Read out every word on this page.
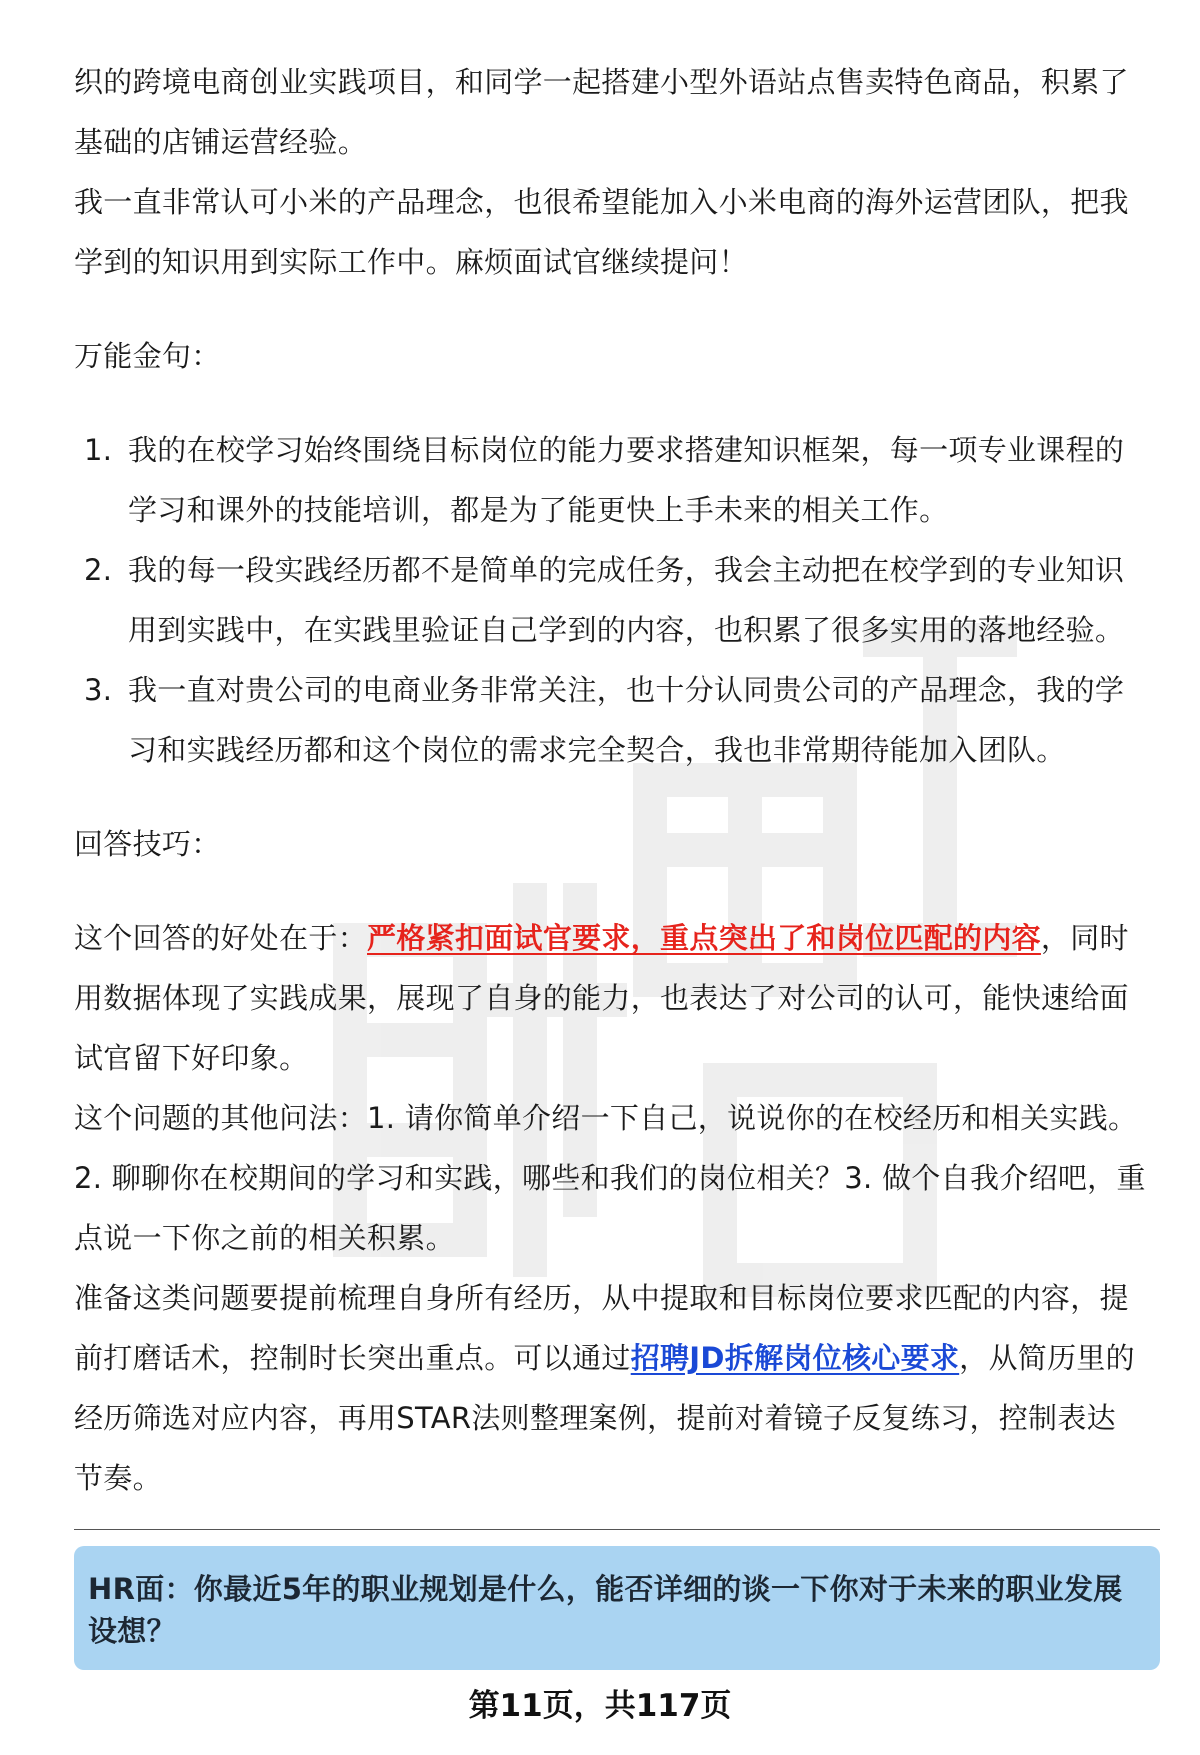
织的跨境电商创业实践项目，和同学一起搭建小型外语站点售卖特色商品，积累了

基础的店铺运营经验。

我一直非常认可小米的产品理念，也很希望能加入小米电商的海外运营团队，把我

学到的知识用到实际工作中。麻烦面试官继续提问！

万能金句：

1. 我的在校学习始终围绕目标岗位的能力要求搭建知识框架，每一项专业课程的
学习和课外的技能培训，都是为了能更快上手未来的相关工作。
2. 我的每一段实践经历都不是简单的完成任务，我会主动把在校学到的专业知识
用到实践中，在实践里验证自己学到的内容，也积累了很多实用的落地经验。
3. 我一直对贵公司的电商业务非常关注，也十分认同贵公司的产品理念，我的学
习和实践经历都和这个岗位的需求完全契合，我也非常期待能加入团队。

回答技巧：

这个回答的好处在于：严格紧扣面试官要求，重点突出了和岗位匹配的内容，同时

用数据体现了实践成果，展现了自身的能力，也表达了对公司的认可，能快速给面

试官留下好印象。

这个问题的其他问法：1. 请你简单介绍一下自己，说说你的在校经历和相关实践。

2. 聊聊你在校期间的学习和实践，哪些和我们的岗位相关？3. 做个自我介绍吧，重

点说一下你之前的相关积累。

准备这类问题要提前梳理自身所有经历，从中提取和目标岗位要求匹配的内容，提

前打磨话术，控制时长突出重点。可以通过招聘JD拆解岗位核心要求，从简历里的

经历筛选对应内容，再用STAR法则整理案例，提前对着镜子反复练习，控制表达

节奏。

HR面：你最近5年的职业规划是什么，能否详细的谈一下你对于未来的职业发展
设想？
第11页，共117页
